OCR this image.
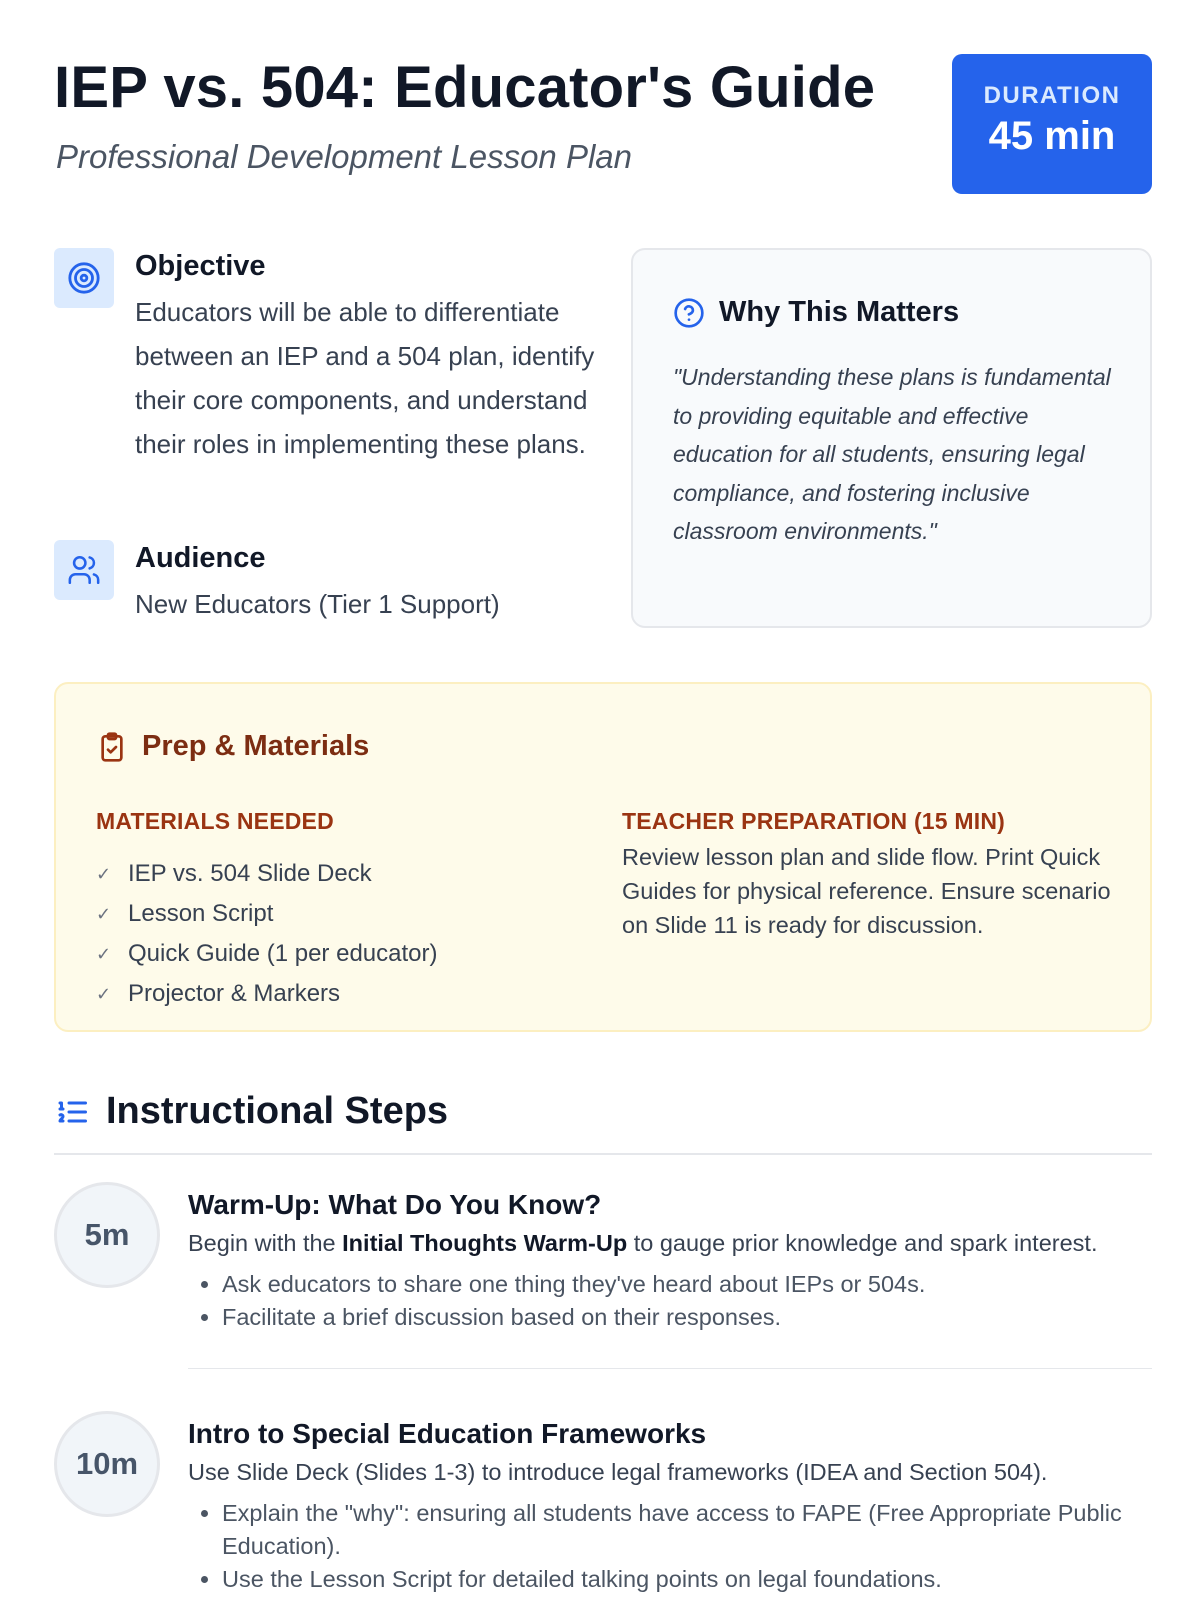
IEP vs. 504: Educator's Guide
Professional Development Lesson Plan
DURATION
45 min
Objective

Educators will be able to differentiate between an IEP and a 504 plan, identify their core components, and understand their roles in implementing these plans.

Audience

New Educators (Tier 1 Support)

Why This Matters
"Understanding these plans is fundamental to providing equitable and effective education for all students, ensuring legal compliance, and fostering inclusive classroom environments."
Prep & Materials
MATERIALS NEEDED
✓ IEP vs. 504 Slide Deck
✓ Lesson Script
✓ Quick Guide (1 per educator)
✓ Projector & Markers
TEACHER PREPARATION (15 MIN)
Review lesson plan and slide flow. Print Quick Guides for physical reference. Ensure scenario on Slide 11 is ready for discussion.
Instructional Steps
5m
Warm-Up: What Do You Know?
Begin with the Initial Thoughts Warm-Up to gauge prior knowledge and spark interest.
• Ask educators to share one thing they've heard about IEPs or 504s.
• Facilitate a brief discussion based on their responses.
10m
Intro to Special Education Frameworks
Use Slide Deck (Slides 1-3) to introduce legal frameworks (IDEA and Section 504).
• Explain the "why": ensuring all students have access to FAPE (Free Appropriate Public Education).
• Use the Lesson Script for detailed talking points on legal foundations.
